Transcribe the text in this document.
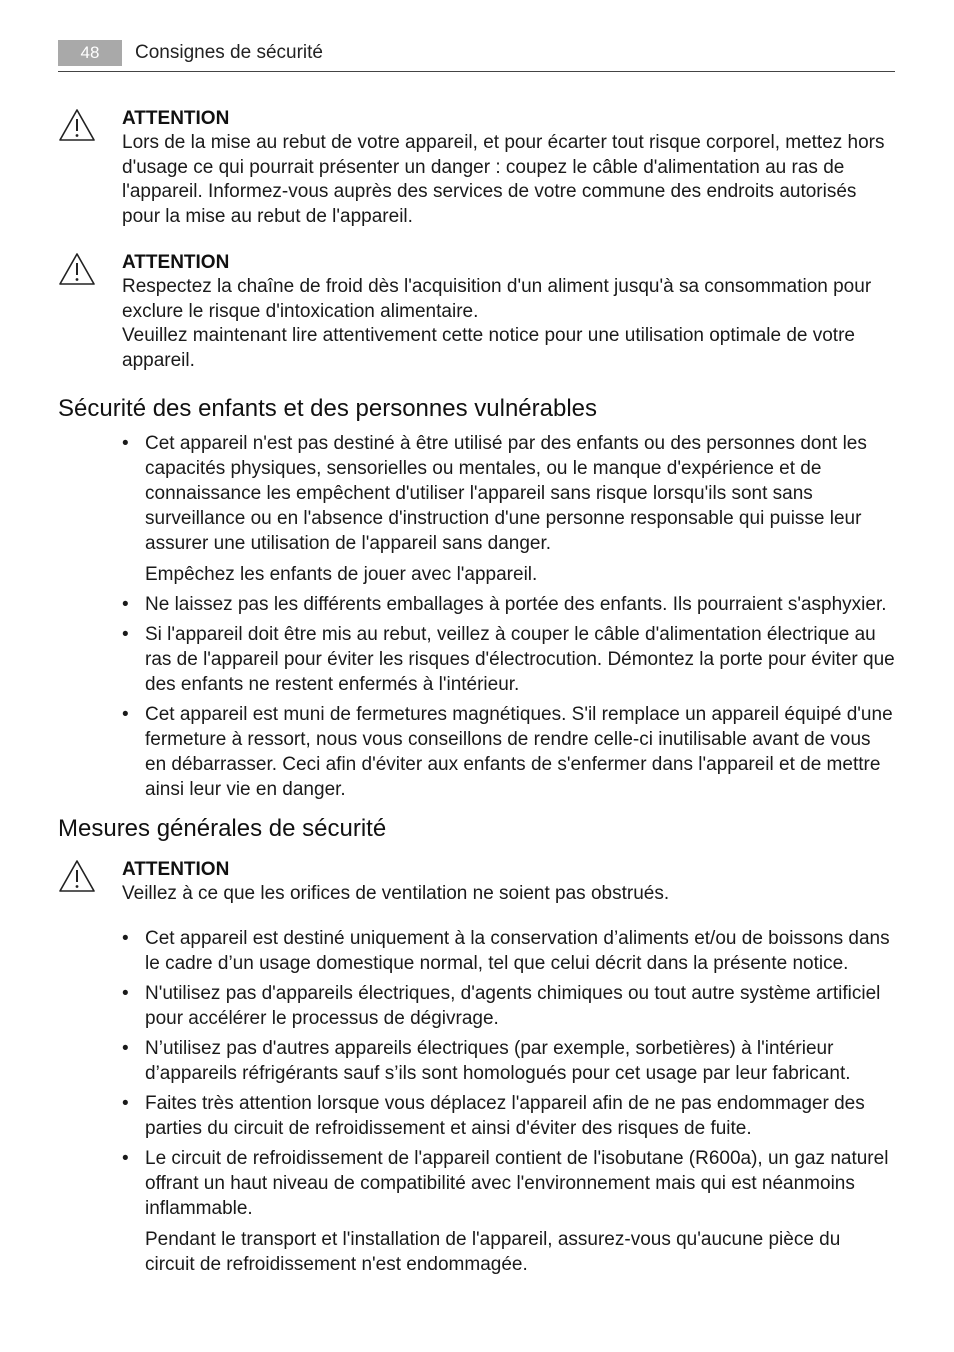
48	Consignes de sécurité
ATTENTION
Lors de la mise au rebut de votre appareil, et pour écarter tout risque corporel, mettez hors d'usage ce qui pourrait présenter un danger : coupez le câble d'alimentation au ras de l'appareil. Informez-vous auprès des services de votre commune des endroits autorisés pour la mise au rebut de l'appareil.
ATTENTION

Respectez la chaîne de froid dès l'acquisition d'un aliment jusqu'à sa consommation pour exclure le risque d'intoxication alimentaire.

Veuillez maintenant lire attentivement cette notice pour une utilisation optimale de votre appareil.

Sécurité des enfants et des personnes vulnérables
• Cet appareil n'est pas destiné à être utilisé par des enfants ou des personnes dont les capacités physiques, sensorielles ou mentales, ou le manque d'expérience et de connaissance les empêchent d'utiliser l'appareil sans risque lorsqu'ils sont sans surveillance ou en l'absence d'instruction d'une personne responsable qui puisse leur assurer une utilisation de l'appareil sans danger.

Empêchez les enfants de jouer avec l'appareil.

• Ne laissez pas les différents emballages à portée des enfants. Ils pourraient s'asphyxier.

• Si l'appareil doit être mis au rebut, veillez à couper le câble d'alimentation électrique au ras de l'appareil pour éviter les risques d'électrocution. Démontez la porte pour éviter que des enfants ne restent enfermés à l'intérieur.

• Cet appareil est muni de fermetures magnétiques. S'il remplace un appareil équipé d'une fermeture à ressort, nous vous conseillons de rendre celle-ci inutilisable avant de vous en débarrasser. Ceci afin d'éviter aux enfants de s'enfermer dans l'appareil et de mettre ainsi leur vie en danger.

Mesures générales de sécurité
ATTENTION
Veillez à ce que les orifices de ventilation ne soient pas obstrués.
• Cet appareil est destiné uniquement à la conservation d’aliments et/ou de boissons dans le cadre d’un usage domestique normal, tel que celui décrit dans la présente notice.

• N'utilisez pas d'appareils électriques, d'agents chimiques ou tout autre système artificiel pour accélérer le processus de dégivrage.

• N’utilisez pas d'autres appareils électriques (par exemple, sorbetières) à l'intérieur d’appareils réfrigérants sauf s’ils sont homologués pour cet usage par leur fabricant.

• Faites très attention lorsque vous déplacez l'appareil afin de ne pas endommager des parties du circuit de refroidissement et ainsi d'éviter des risques de fuite.

• Le circuit de refroidissement de l'appareil contient de l'isobutane (R600a), un gaz naturel offrant un haut niveau de compatibilité avec l'environnement mais qui est néanmoins inflammable.

Pendant le transport et l'installation de l'appareil, assurez-vous qu'aucune pièce du circuit de refroidissement n'est endommagée.
